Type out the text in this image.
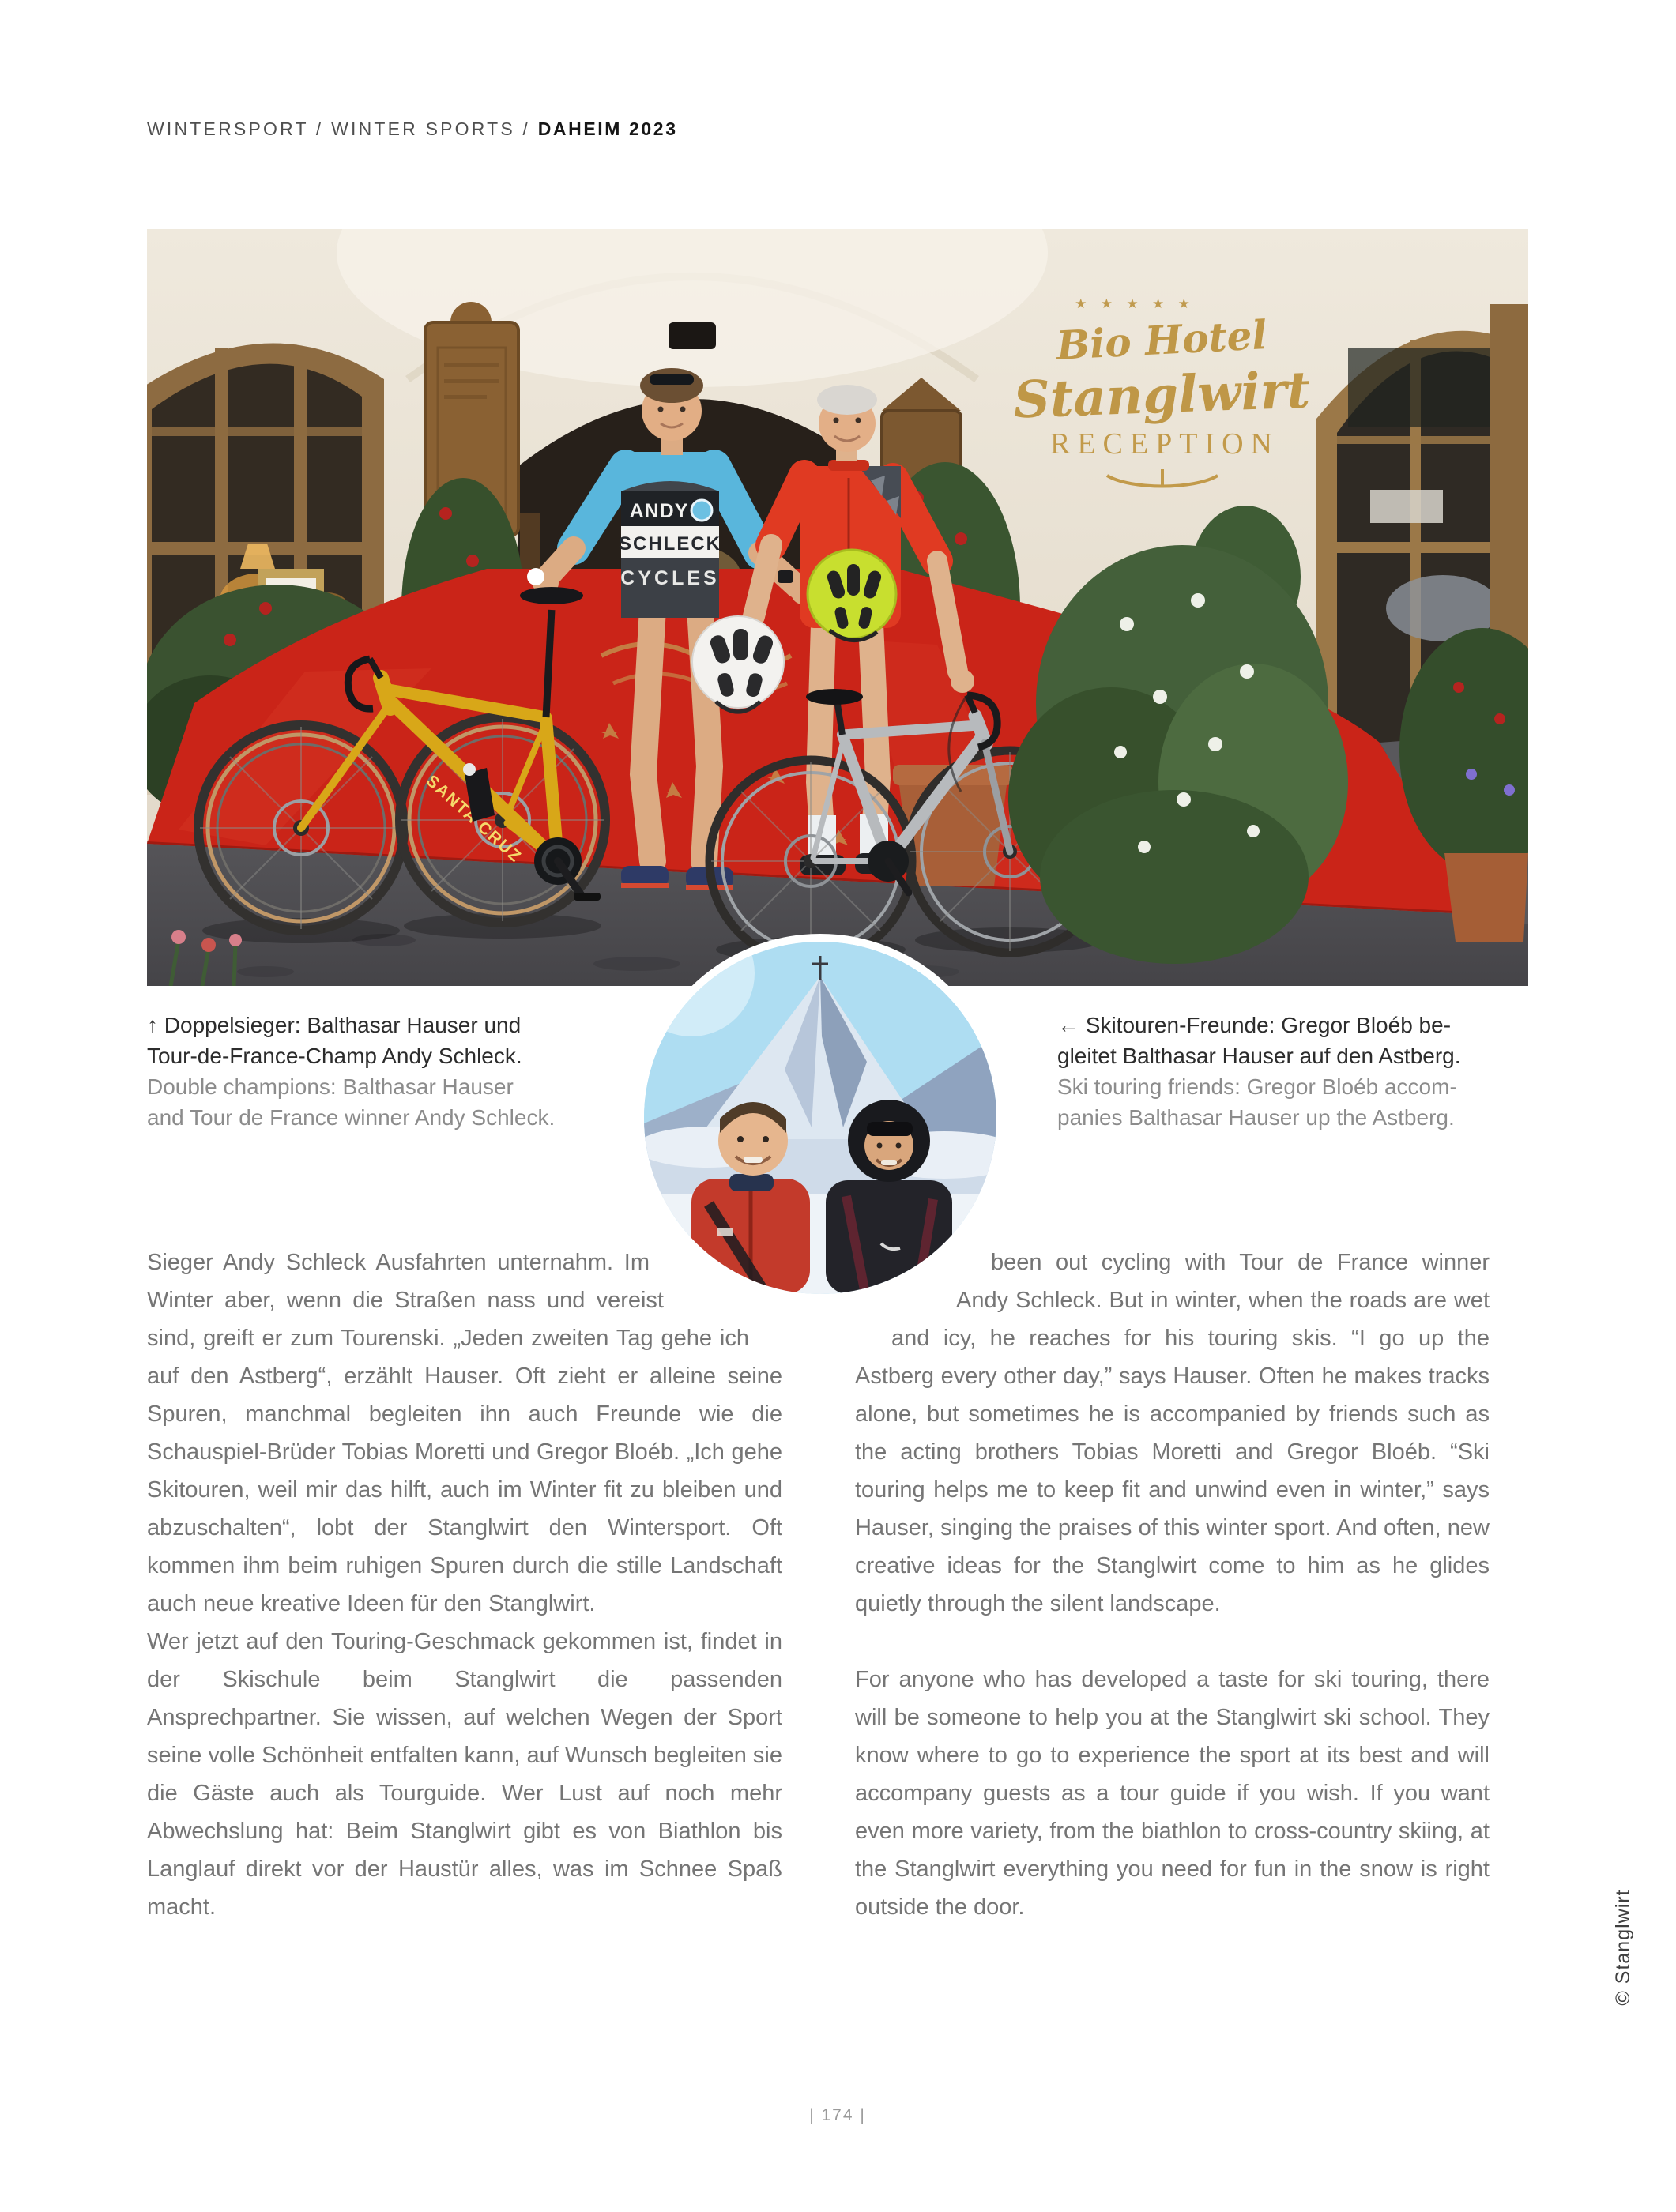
WINTERSPORT / WINTER SPORTS / DAHEIM 2023
★ ★ ★ ★ ★
Bio Hotel
Stanglwirt
RECEPTION
ANDY
SCHLECK
CYCLES
SANTA CRUZ
↑ Doppelsieger: Balthasar Hauser und
Tour-de-France-Champ Andy Schleck.
Double champions: Balthasar Hauser
and Tour de France winner Andy Schleck.
← Skitouren-Freunde: Gregor Bloéb be-
gleitet Balthasar Hauser auf den Astberg.
Ski touring friends: Gregor Bloéb accom-
panies Balthasar Hauser up the Astberg.

Sieger Andy Schleck Ausfahrten unternahm. Im Winter aber, wenn die Straßen nass und vereist sind, greift er zum Tourenski. „Jeden zweiten Tag gehe ich auf den Astberg“, erzählt Hauser. Oft zieht er alleine seine Spuren, manchmal begleiten ihn auch Freunde wie die Schauspiel-Brüder Tobias Moretti und Gregor Bloéb. „Ich gehe Skitouren, weil mir das hilft, auch im Winter fit zu bleiben und abzuschalten“, lobt der Stanglwirt den Wintersport. Oft kommen ihm beim ruhigen Spuren durch die stille Landschaft auch neue kreative Ideen für den Stanglwirt.

Wer jetzt auf den Touring-Geschmack gekommen ist, findet in der Skischule beim Stanglwirt die passenden Ansprechpartner. Sie wissen, auf welchen Wegen der Sport seine volle Schönheit entfalten kann, auf Wunsch begleiten sie die Gäste auch als Tourguide. Wer Lust auf noch mehr Abwechslung hat: Beim Stanglwirt gibt es von Biathlon bis Langlauf direkt vor der Haustür alles, was im Schnee Spaß macht.

been out cycling with Tour de France winner Andy Schleck. But in winter, when the roads are wet and icy, he reaches for his touring skis. “I go up the Astberg every other day,” says Hauser. Often he makes tracks alone, but sometimes he is accompanied by friends such as the acting brothers Tobias Moretti and Gregor Bloéb. “Ski touring helps me to keep fit and unwind even in winter,” says Hauser, singing the praises of this winter sport. And often, new creative ideas for the Stanglwirt come to him as he glides quietly through the silent landscape.

For anyone who has developed a taste for ski touring, there will be someone to help you at the Stanglwirt ski school. They know where to go to experience the sport at its best and will accompany guests as a tour guide if you wish. If you want even more variety, from the biathlon to cross-country skiing, at the Stanglwirt everything you need for fun in the snow is right outside the door.

| 174 |
© Stanglwirt
